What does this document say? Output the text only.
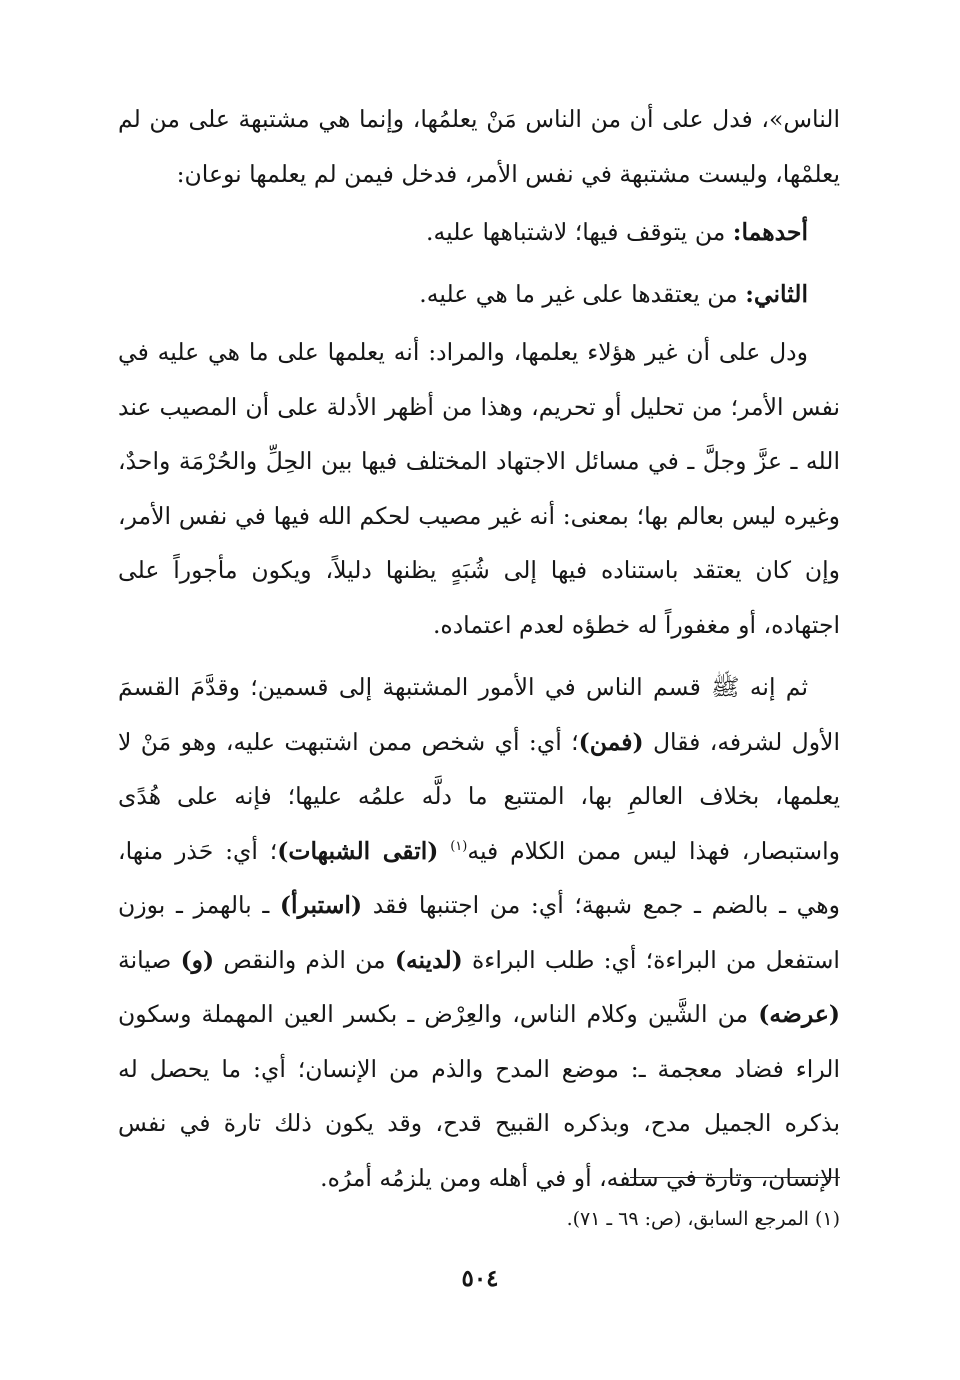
الناس»، فدل على أن من الناس مَنْ يعلمُها، وإنما هي مشتبهة على من لم يعلمْها، وليست مشتبهة في نفس الأمر، فدخل فيمن لم يعلمها نوعان:

أحدهما: من يتوقف فيها؛ لاشتباهها عليه.

الثاني: من يعتقدها على غير ما هي عليه.

ودل على أن غير هؤلاء يعلمها، والمراد: أنه يعلمها على ما هي عليه في نفس الأمر؛ من تحليل أو تحريم، وهذا من أظهر الأدلة على أن المصيب عند الله ـ عزَّ وجلَّ ـ في مسائل الاجتهاد المختلف فيها بين الحِلِّ والحُرْمَة واحدٌ، وغيره ليس بعالم بها؛ بمعنى: أنه غير مصيب لحكم الله فيها في نفس الأمر، وإن كان يعتقد باستناده فيها إلى شُبَهٍ يظنها دليلاً، ويكون مأجوراً على اجتهاده، أو مغفوراً له خطؤه لعدم اعتماده.

ثم إنه ﷺ قسم الناس في الأمور المشتبهة إلى قسمين؛ وقدَّمَ القسمَ الأول لشرفه، فقال (فمن)؛ أي: أي شخص ممن اشتبهت عليه، وهو مَنْ لا يعلمها، بخلاف العالمِ بها، المتتبع ما دلَّه علمُه عليها؛ فإنه على هُدًى واستبصار، فهذا ليس ممن الكلام فيه$^{(١)}$ (اتقى الشبهات)؛ أي: حَذر منها، وهي ـ بالضم ـ جمع شبهة؛ أي: من اجتنبها فقد (استبرأ) ـ بالهمز ـ بوزن استفعل من البراءة؛ أي: طلب البراءة (لدينه) من الذم والنقص (و) صيانة (عرضه) من الشَّين وكلام الناس، والعِرْض ـ بكسر العين المهملة وسكون الراء فضاد معجمة ـ: موضع المدح والذم من الإنسان؛ أي: ما يحصل له بذكره الجميل مدح، وبذكره القبيح قدح، وقد يكون ذلك تارة في نفس الإنسان، وتارة في سلفه، أو في أهله ومن يلزمُه أمرُه.

(١) المرجع السابق، (ص: ٦٩ ـ ٧١).

٥٠٤
